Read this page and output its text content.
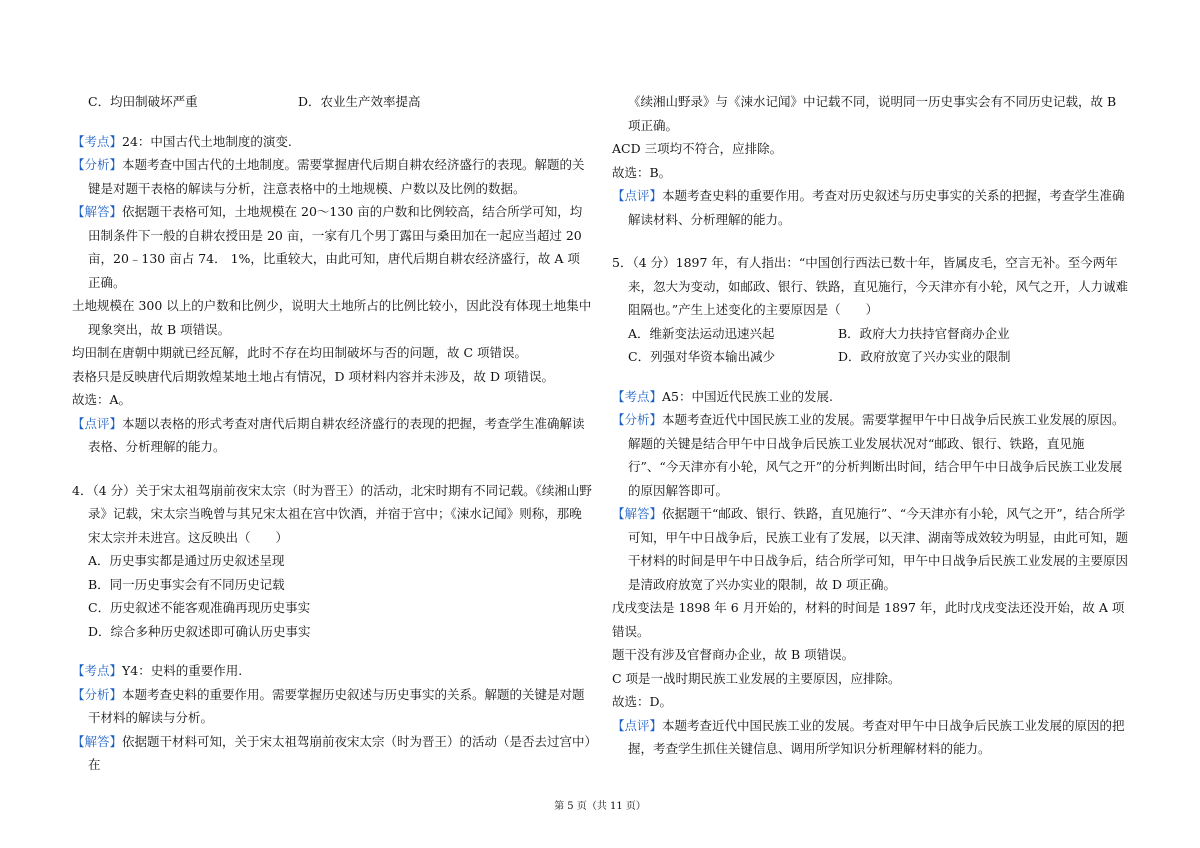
C．均田制破坏严重	D．农业生产效率提高

【考点】24：中国古代土地制度的演变.

【分析】本题考查中国古代的土地制度。需要掌握唐代后期自耕农经济盛行的表现。解题的关键是对题干表格的解读与分析，注意表格中的土地规模、户数以及比例的数据。

【解答】依据题干表格可知，土地规模在 20～130 亩的户数和比例较高，结合所学可知，均田制条件下一般的自耕农授田是 20 亩，一家有几个男丁露田与桑田加在一起应当超过 20 亩，20﹣130 亩占 74． 1%，比重较大，由此可知，唐代后期自耕农经济盛行，故 A 项正确。

土地规模在 300 以上的户数和比例少，说明大土地所占的比例比较小，因此没有体现土地集中现象突出，故 B 项错误。

均田制在唐朝中期就已经瓦解，此时不存在均田制破坏与否的问题，故 C 项错误。

表格只是反映唐代后期敦煌某地土地占有情况，D 项材料内容并未涉及，故 D 项错误。

故选：A。

【点评】本题以表格的形式考查对唐代后期自耕农经济盛行的表现的把握，考查学生准确解读表格、分析理解的能力。

4．（4 分）关于宋太祖驾崩前夜宋太宗（时为晋王）的活动，北宋时期有不同记载。《续湘山野录》记载，宋太宗当晚曾与其兄宋太祖在宫中饮酒，并宿于宫中；《涑水记闻》则称，那晚宋太宗并未进宫。这反映出（　　）

A．历史事实都是通过历史叙述呈现

B．同一历史事实会有不同历史记载

C．历史叙述不能客观准确再现历史事实

D．综合多种历史叙述即可确认历史事实

【考点】Y4：史料的重要作用.

【分析】本题考查史料的重要作用。需要掌握历史叙述与历史事实的关系。解题的关键是对题干材料的解读与分析。

【解答】依据题干材料可知，关于宋太祖驾崩前夜宋太宗（时为晋王）的活动（是否去过宫中）在

《续湘山野录》与《涑水记闻》中记载不同，说明同一历史事实会有不同历史记载，故 B 项正确。

ACD 三项均不符合，应排除。

故选：B。

【点评】本题考查史料的重要作用。考查对历史叙述与历史事实的关系的把握，考查学生准确解读材料、分析理解的能力。

5．（4 分）1897 年，有人指出：“中国创行西法已数十年，皆属皮毛，空言无补。至今两年来，忽大为变动，如邮政、银行、铁路，直见施行，今天津亦有小轮，风气之开，人力诚难阻隔也。”产生上述变化的主要原因是（　　）

A．维新变法运动迅速兴起	B．政府大力扶持官督商办企业
C．列强对华资本输出减少	D．政府放宽了兴办实业的限制

【考点】A5：中国近代民族工业的发展.

【分析】本题考查近代中国民族工业的发展。需要掌握甲午中日战争后民族工业发展的原因。解题的关键是结合甲午中日战争后民族工业发展状况对“邮政、银行、铁路，直见施行”、“今天津亦有小轮，风气之开”的分析判断出时间，结合甲午中日战争后民族工业发展的原因解答即可。

【解答】依据题干“邮政、银行、铁路，直见施行”、“今天津亦有小轮，风气之开”，结合所学可知，甲午中日战争后，民族工业有了发展，以天津、湖南等成效较为明显，由此可知，题干材料的时间是甲午中日战争后，结合所学可知，甲午中日战争后民族工业发展的主要原因是清政府放宽了兴办实业的限制，故 D 项正确。

戊戌变法是 1898 年 6 月开始的，材料的时间是 1897 年，此时戊戌变法还没开始，故 A 项错误。

题干没有涉及官督商办企业，故 B 项错误。

C 项是一战时期民族工业发展的主要原因，应排除。

故选：D。

【点评】本题考查近代中国民族工业的发展。考查对甲午中日战争后民族工业发展的原因的把握，考查学生抓住关键信息、调用所学知识分析理解材料的能力。

第 5 页（共 11 页）
